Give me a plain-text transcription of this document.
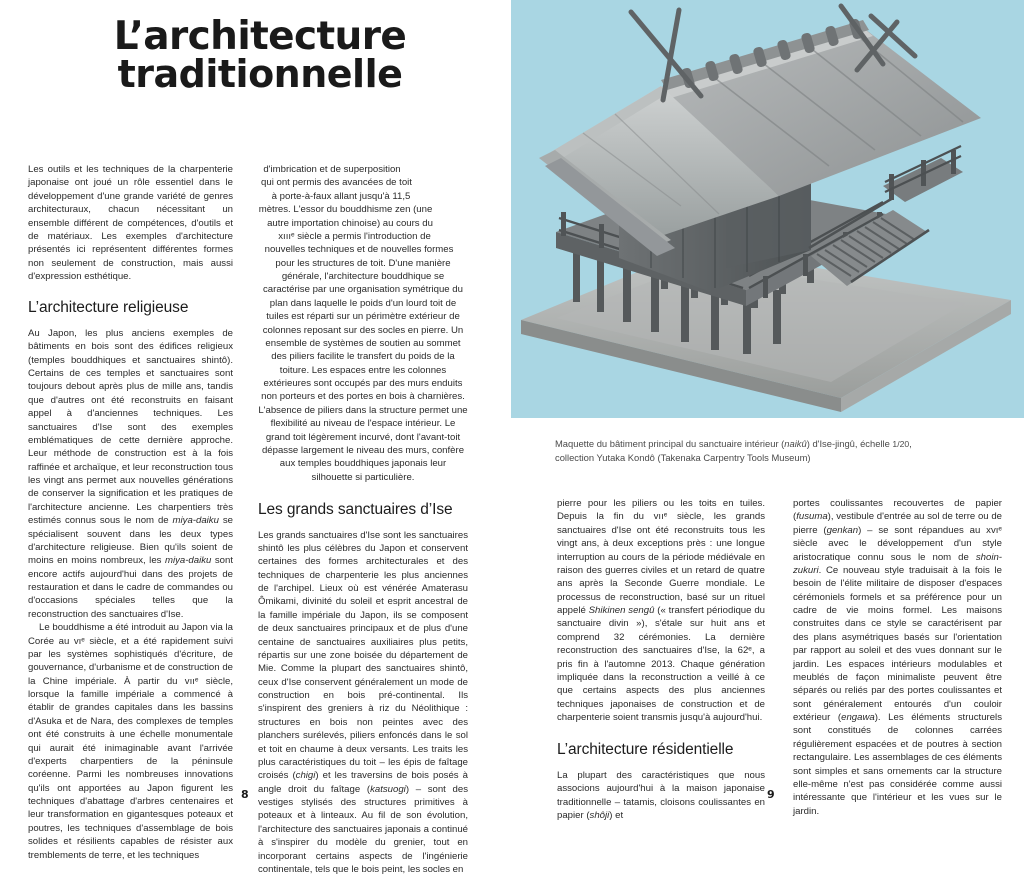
L’architecture
traditionnelle
Maquette du bâtiment principal du sanctuaire intérieur (naikû) d'Ise-jingû, échelle 1/20,
collection Yutaka Kondô (Takenaka Carpentry Tools Museum)

Les outils et les techniques de la charpenterie japonaise ont joué un rôle essentiel dans le développement d'une grande variété de genres architecturaux, chacun nécessitant un ensemble différent de compétences, d'outils et de matériaux. Les exemples d'architecture présentés ici représentent différentes formes non seulement de construction, mais aussi d'expression esthétique.

L’architecture religieuse

Au Japon, les plus anciens exemples de bâtiments en bois sont des édifices religieux (temples bouddhiques et sanctuaires shintô). Certains de ces temples et sanctuaires sont toujours debout après plus de mille ans, tandis que d'autres ont été reconstruits en faisant appel à d'anciennes techniques. Les sanctuaires d'Ise sont des exemples emblématiques de cette dernière approche. Leur méthode de construction est à la fois raffinée et archaïque, et leur reconstruction tous les vingt ans permet aux nouvelles générations de conserver la signification et les pratiques de l'architecture ancienne. Les charpentiers très estimés connus sous le nom de miya-daiku se spécialisent souvent dans les deux types d'architecture religieuse. Bien qu'ils soient de moins en moins nombreux, les miya-daiku sont encore actifs aujourd'hui dans des projets de restauration et dans le cadre de commandes ou d'occasions spéciales telles que la reconstruction des sanctuaires d'Ise.

Le bouddhisme a été introduit au Japon via la Corée au vıᵉ siècle, et a été rapidement suivi par les systèmes sophistiqués d'écriture, de gouvernance, d'urbanisme et de construction de la Chine impériale. À partir du vııᵉ siècle, lorsque la famille impériale a commencé à établir de grandes capitales dans les bassins d'Asuka et de Nara, des complexes de temples ont été construits à une échelle monumentale qui aurait été inimaginable avant l'arrivée d'experts charpentiers de la péninsule coréenne. Parmi les nombreuses innovations qu'ils ont apportées au Japon figurent les techniques d'abattage d'arbres centenaires et leur transformation en gigantesques poteaux et poutres, les techniques d'assemblage de bois solides et résilients capables de résister aux tremblements de terre, et les techniques

d'imbrication et de superposition qui ont permis des avancées de toit à porte-à-faux allant jusqu'à 11,5 mètres. L'essor du bouddhisme zen (une autre importation chinoise) au cours du xıııᵉ siècle a permis l'introduction de nouvelles techniques et de nouvelles formes pour les structures de toit. D'une manière générale, l'architecture bouddhique se caractérise par une organisation symétrique du plan dans laquelle le poids d'un lourd toit de tuiles est réparti sur un périmètre extérieur de colonnes reposant sur des socles en pierre. Un ensemble de systèmes de soutien au sommet des piliers facilite le transfert du poids de la toiture. Les espaces entre les colonnes extérieures sont occupés par des murs enduits non porteurs et des portes en bois à charnières. L'absence de piliers dans la structure permet une flexibilité au niveau de l'espace intérieur. Le grand toit légèrement incurvé, dont l'avant-toit dépasse largement le niveau des murs, confère aux temples bouddhiques japonais leur silhouette si particulière.

Les grands sanctuaires d’Ise

Les grands sanctuaires d'Ise sont les sanctuaires shintô les plus célèbres du Japon et conservent certaines des formes architecturales et des techniques de charpenterie les plus anciennes de l'archipel. Lieux où est vénérée Amaterasu Ômikami, divinité du soleil et esprit ancestral de la famille impériale du Japon, ils se composent de deux sanctuaires principaux et de plus d'une centaine de sanctuaires auxiliaires plus petits, répartis sur une zone boisée du département de Mie. Comme la plupart des sanctuaires shintô, ceux d'Ise conservent généralement un mode de construction en bois pré-continental. Ils s'inspirent des greniers à riz du Néolithique : structures en bois non peintes avec des planchers surélevés, piliers enfoncés dans le sol et toit en chaume à deux versants. Les traits les plus caractéristiques du toit – les épis de faîtage croisés (chigi) et les traversins de bois posés à angle droit du faîtage (katsuogi) – sont des vestiges stylisés des structures primitives à poteaux et à linteaux. Au fil de son évolution, l'architecture des sanctuaires japonais a continué à s'inspirer du modèle du grenier, tout en incorporant certains aspects de l'ingénierie continentale, tels que le bois peint, les socles en

pierre pour les piliers ou les toits en tuiles. Depuis la fin du vııᵉ siècle, les grands sanctuaires d'Ise ont été reconstruits tous les vingt ans, à deux exceptions près : une longue interruption au cours de la période médiévale en raison des guerres civiles et un retard de quatre ans après la Seconde Guerre mondiale. Le processus de reconstruction, basé sur un rituel appelé Shikinen sengû (« transfert périodique du sanctuaire divin »), s'étale sur huit ans et comprend 32 cérémonies. La dernière reconstruction des sanctuaires d'Ise, la 62ᵉ, a pris fin à l'automne 2013. Chaque génération impliquée dans la reconstruction a veillé à ce que certains aspects des plus anciennes techniques japonaises de construction et de charpenterie soient transmis jusqu'à aujourd'hui.

L’architecture résidentielle

La plupart des caractéristiques que nous associons aujourd'hui à la maison japonaise traditionnelle – tatamis, cloisons coulissantes en papier (shôji) et

portes coulissantes recouvertes de papier (fusuma), vestibule d'entrée au sol de terre ou de pierre (genkan) – se sont répandues au xvıᵉ siècle avec le développement d'un style aristocratique connu sous le nom de shoin-zukuri. Ce nouveau style traduisait à la fois le besoin de l'élite militaire de disposer d'espaces cérémoniels formels et sa préférence pour un cadre de vie moins formel. Les maisons construites dans ce style se caractérisent par des plans asymétriques basés sur l'orientation par rapport au soleil et des vues donnant sur le jardin. Les espaces intérieurs modulables et meublés de façon minimaliste peuvent être séparés ou reliés par des portes coulissantes et sont généralement entourés d'un couloir extérieur (engawa). Les éléments structurels sont constitués de colonnes carrées régulièrement espacées et de poutres à section rectangulaire. Les assemblages de ces éléments sont simples et sans ornements car la structure elle-même n'est pas considérée comme aussi intéressante que l'intérieur et les vues sur le jardin.

8	9
